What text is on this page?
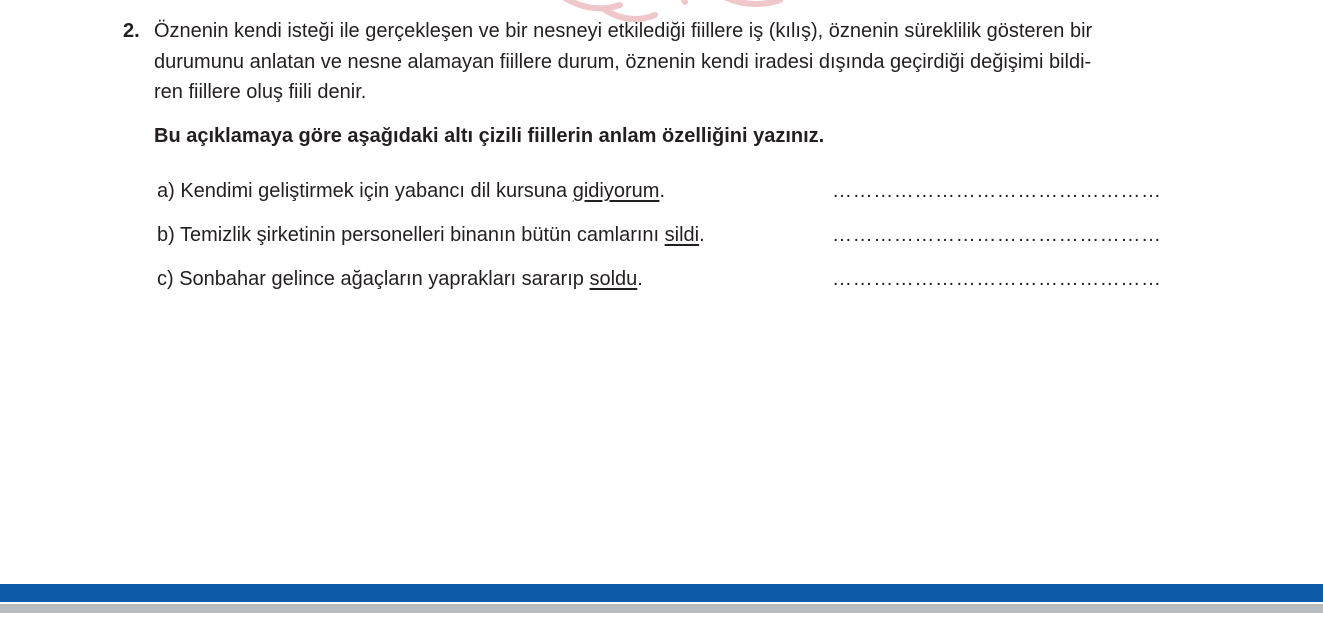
2. Öznenin kendi isteği ile gerçekleşen ve bir nesneyi etkilediği fiillere iş (kılış), öznenin süreklilik gösteren bir
durumunu anlatan ve nesne alamayan fiillere durum, öznenin kendi iradesi dışında geçirdiği değişimi bildi-
ren fiillere oluş fiili denir.
Bu açıklamaya göre aşağıdaki altı çizili fiillerin anlam özelliğini yazınız.
a) Kendimi geliştirmek için yabancı dil kursuna gidiyorum.	…………………………………………
b) Temizlik şirketinin personelleri binanın bütün camlarını sildi.	…………………………………………
c) Sonbahar gelince ağaçların yaprakları sararıp soldu.	…………………………………………
